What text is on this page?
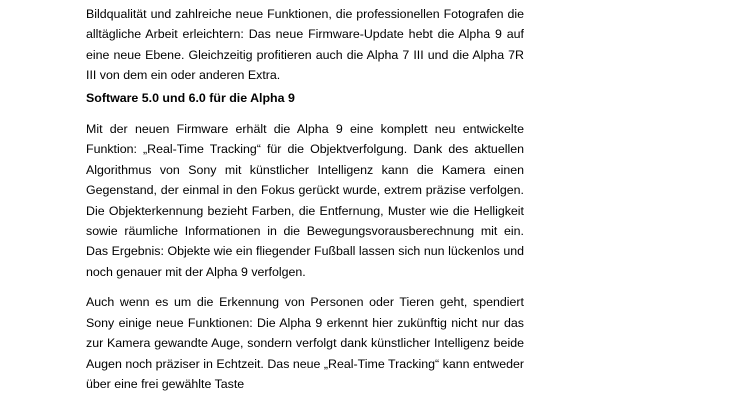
Bildqualität und zahlreiche neue Funktionen, die professionellen Fotografen die alltägliche Arbeit erleichtern: Das neue Firmware-Update hebt die Alpha 9 auf eine neue Ebene. Gleichzeitig profitieren auch die Alpha 7 III und die Alpha 7R III von dem ein oder anderen Extra.

Software 5.0 und 6.0 für die Alpha 9

Mit der neuen Firmware erhält die Alpha 9 eine komplett neu entwickelte Funktion: „Real-Time Tracking“ für die Objektverfolgung. Dank des aktuellen Algorithmus von Sony mit künstlicher Intelligenz kann die Kamera einen Gegenstand, der einmal in den Fokus gerückt wurde, extrem präzise verfolgen. Die Objekterkennung bezieht Farben, die Entfernung, Muster wie die Helligkeit sowie räumliche Informationen in die Bewegungsvorausberechnung mit ein. Das Ergebnis: Objekte wie ein fliegender Fußball lassen sich nun lückenlos und noch genauer mit der Alpha 9 verfolgen.

Auch wenn es um die Erkennung von Personen oder Tieren geht, spendiert Sony einige neue Funktionen: Die Alpha 9 erkennt hier zukünftig nicht nur das zur Kamera gewandte Auge, sondern verfolgt dank künstlicher Intelligenz beide Augen noch präziser in Echtzeit. Das neue „Real-Time Tracking“ kann entweder über eine frei gewählte Taste
